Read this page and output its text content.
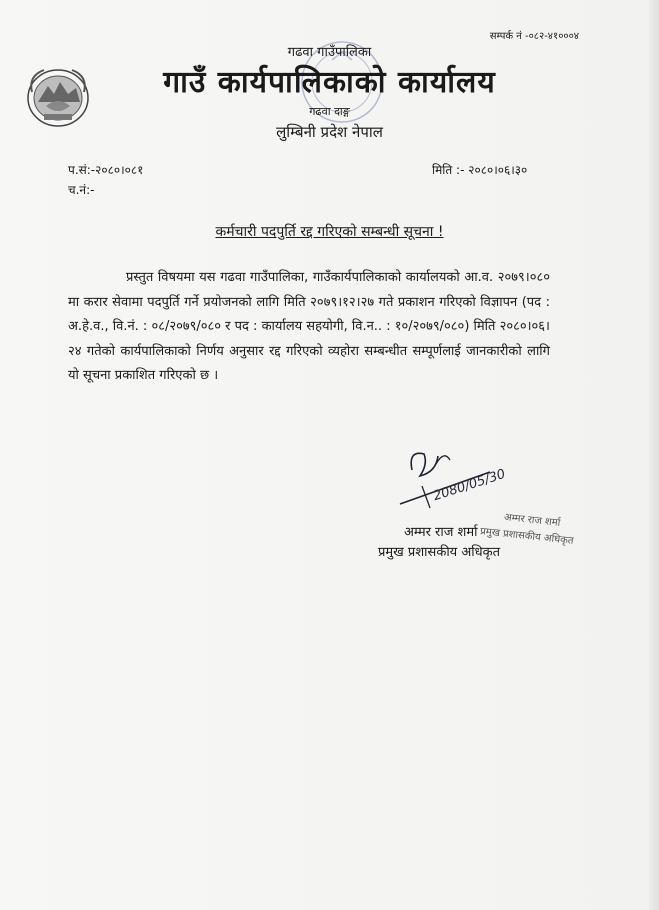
सम्पर्क नं -०८२-४१०००४
गढवा गाउँपालिका
गाउँ कार्यपालिकाको कार्यालय
गढवा दाङ्ग
लुम्बिनी प्रदेश नेपाल
प.सं:-२०८०।०८१
च.नं:-
मिति :- २०८०।०६।३०
कर्मचारी पदपुर्ति रद्द गरिएको सम्बन्धी सूचना !

प्रस्तुत विषयमा यस गढवा गाउँपालिका, गाउँकार्यपालिकाको कार्यालयको आ.व. २०७९।०८० मा करार सेवामा पदपुर्ति गर्ने प्रयोजनको लागि मिति २०७९।१२।२७ गते प्रकाशन गरिएको विज्ञापन (पद : अ.हे.व., वि.नं. : ०८/२०७९/०८० र पद : कार्यालय सहयोगी, वि.न.. : १०/२०७९/०८०) मिति २०८०।०६।२४ गतेको कार्यपालिकाको निर्णय अनुसार रद्द गरिएको व्यहोरा सम्बन्धीत सम्पूर्णलाई जानकारीको लागि यो सूचना प्रकाशित गरिएको छ ।

2080/05/30
अम्मर राज शर्मा
प्रमुख प्रशासकीय अधिकृत
अम्मर राज शर्मा
प्रमुख प्रशासकीय अधिकृत
